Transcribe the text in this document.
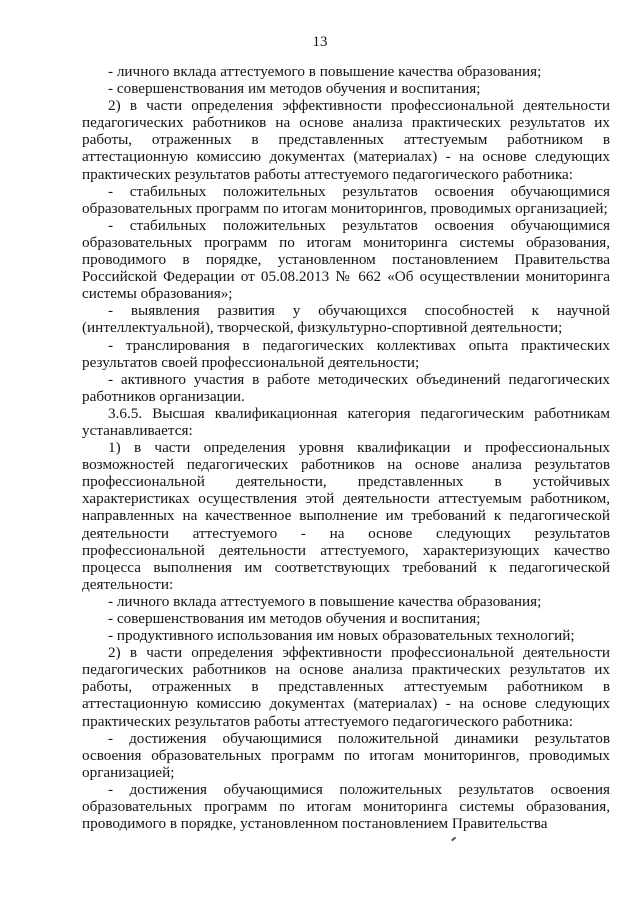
13
- личного вклада аттестуемого в повышение качества образования;
- совершенствования им методов обучения и воспитания;
2) в части определения эффективности профессиональной деятельности педагогических работников на основе анализа практических результатов их работы, отраженных в представленных аттестуемым работником в аттестационную комиссию документах (материалах) - на основе следующих практических результатов работы аттестуемого педагогического работника:
- стабильных положительных результатов освоения обучающимися образовательных программ по итогам мониторингов, проводимых организацией;
- стабильных положительных результатов освоения обучающимися образовательных программ по итогам мониторинга системы образования, проводимого в порядке, установленном постановлением Правительства Российской Федерации от 05.08.2013 № 662 «Об осуществлении мониторинга системы образования»;
- выявления развития у обучающихся способностей к научной (интеллектуальной), творческой, физкультурно-спортивной деятельности;
- транслирования в педагогических коллективах опыта практических результатов своей профессиональной деятельности;
- активного участия в работе методических объединений педагогических работников организации.
3.6.5. Высшая квалификационная категория педагогическим работникам устанавливается:
1) в части определения уровня квалификации и профессиональных возможностей педагогических работников на основе анализа результатов профессиональной деятельности, представленных в устойчивых характеристиках осуществления этой деятельности аттестуемым работником, направленных на качественное выполнение им требований к педагогической деятельности аттестуемого - на основе следующих результатов профессиональной деятельности аттестуемого, характеризующих качество процесса выполнения им соответствующих требований к педагогической деятельности:
- личного вклада аттестуемого в повышение качества образования;
- совершенствования им методов обучения и воспитания;
- продуктивного использования им новых образовательных технологий;
2) в части определения эффективности профессиональной деятельности педагогических работников на основе анализа практических результатов их работы, отраженных в представленных аттестуемым работником в аттестационную комиссию документах (материалах) - на основе следующих практических результатов работы аттестуемого педагогического работника:
- достижения обучающимися положительной динамики результатов освоения образовательных программ по итогам мониторингов, проводимых организацией;
- достижения обучающимися положительных результатов освоения образовательных программ по итогам мониторинга системы образования, проводимого в порядке, установленном постановлением Правительства
